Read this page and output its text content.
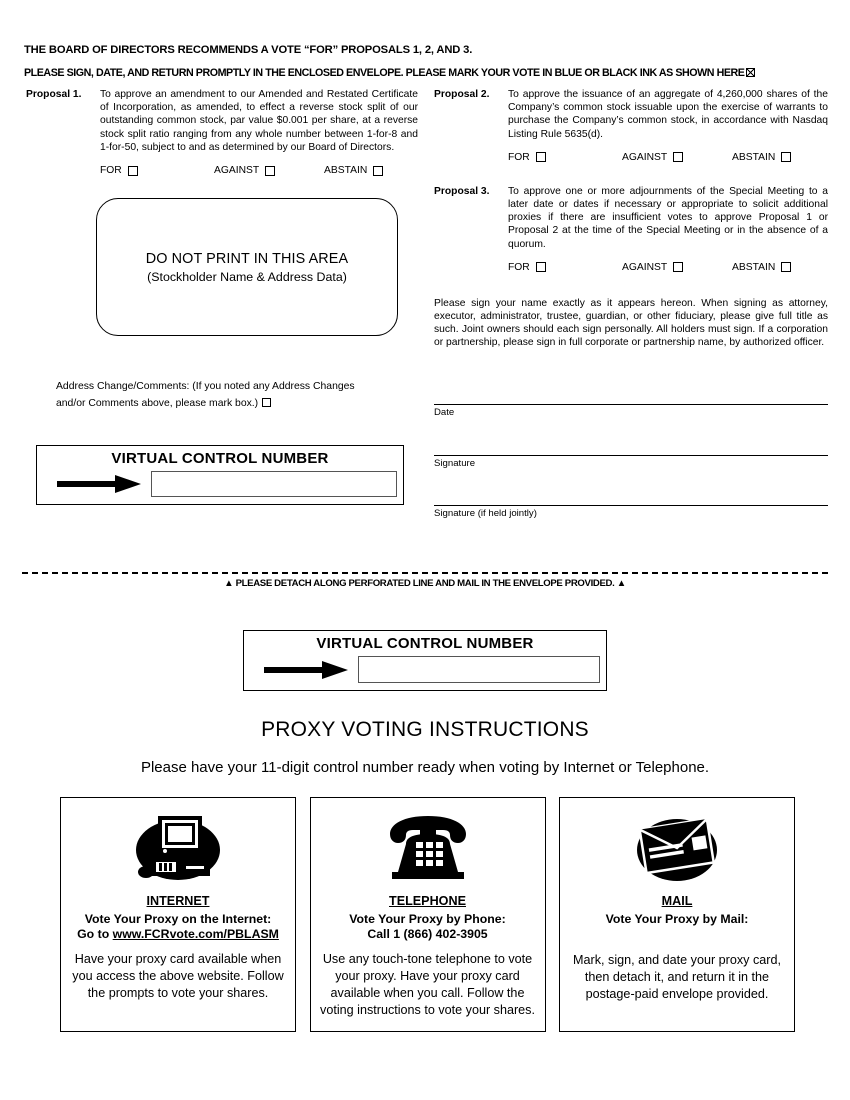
THE BOARD OF DIRECTORS RECOMMENDS A VOTE “FOR” PROPOSALS 1, 2, AND 3.
PLEASE SIGN, DATE, AND RETURN PROMPTLY IN THE ENCLOSED ENVELOPE. PLEASE MARK YOUR VOTE IN BLUE OR BLACK INK AS SHOWN HERE
Proposal 1.	To approve an amendment to our Amended and Restated Certificate of Incorporation, as amended, to effect a reverse stock split of our outstanding common stock, par value $0.001 per share, at a reverse stock split ratio ranging from any whole number between 1-for-8 and 1-for-50, subject to and as determined by our Board of Directors.
FOR	AGAINST	ABSTAIN
DO NOT PRINT IN THIS AREA
(Stockholder Name & Address Data)
Address Change/Comments: (If you noted any Address Changes
and/or Comments above, please mark box.)
VIRTUAL CONTROL NUMBER
Proposal 2.	To approve the issuance of an aggregate of 4,260,000 shares of the Company’s common stock issuable upon the exercise of warrants to purchase the Company’s common stock, in accordance with Nasdaq Listing Rule 5635(d).
FOR	AGAINST	ABSTAIN
Proposal 3.	To approve one or more adjournments of the Special Meeting to a later date or dates if necessary or appropriate to solicit additional proxies if there are insufficient votes to approve Proposal 1 or Proposal 2 at the time of the Special Meeting or in the absence of a quorum.
FOR	AGAINST	ABSTAIN
Please sign your name exactly as it appears hereon. When signing as attorney, executor, administrator, trustee, guardian, or other fiduciary, please give full title as such. Joint owners should each sign personally. All holders must sign. If a corporation or partnership, please sign in full corporate or partnership name, by authorized officer.
Date
Signature
Signature (if held jointly)
▲ PLEASE DETACH ALONG PERFORATED LINE AND MAIL IN THE ENVELOPE PROVIDED. ▲
VIRTUAL CONTROL NUMBER
PROXY VOTING INSTRUCTIONS
Please have your 11-digit control number ready when voting by Internet or Telephone.
INTERNET
Vote Your Proxy on the Internet:
Go to www.FCRvote.com/PBLASM
Have your proxy card available when you access the above website. Follow the prompts to vote your shares.
TELEPHONE
Vote Your Proxy by Phone:
Call 1 (866) 402-3905
Use any touch-tone telephone to vote your proxy. Have your proxy card available when you call. Follow the voting instructions to vote your shares.
MAIL
Vote Your Proxy by Mail:
Mark, sign, and date your proxy card, then detach it, and return it in the postage-paid envelope provided.
